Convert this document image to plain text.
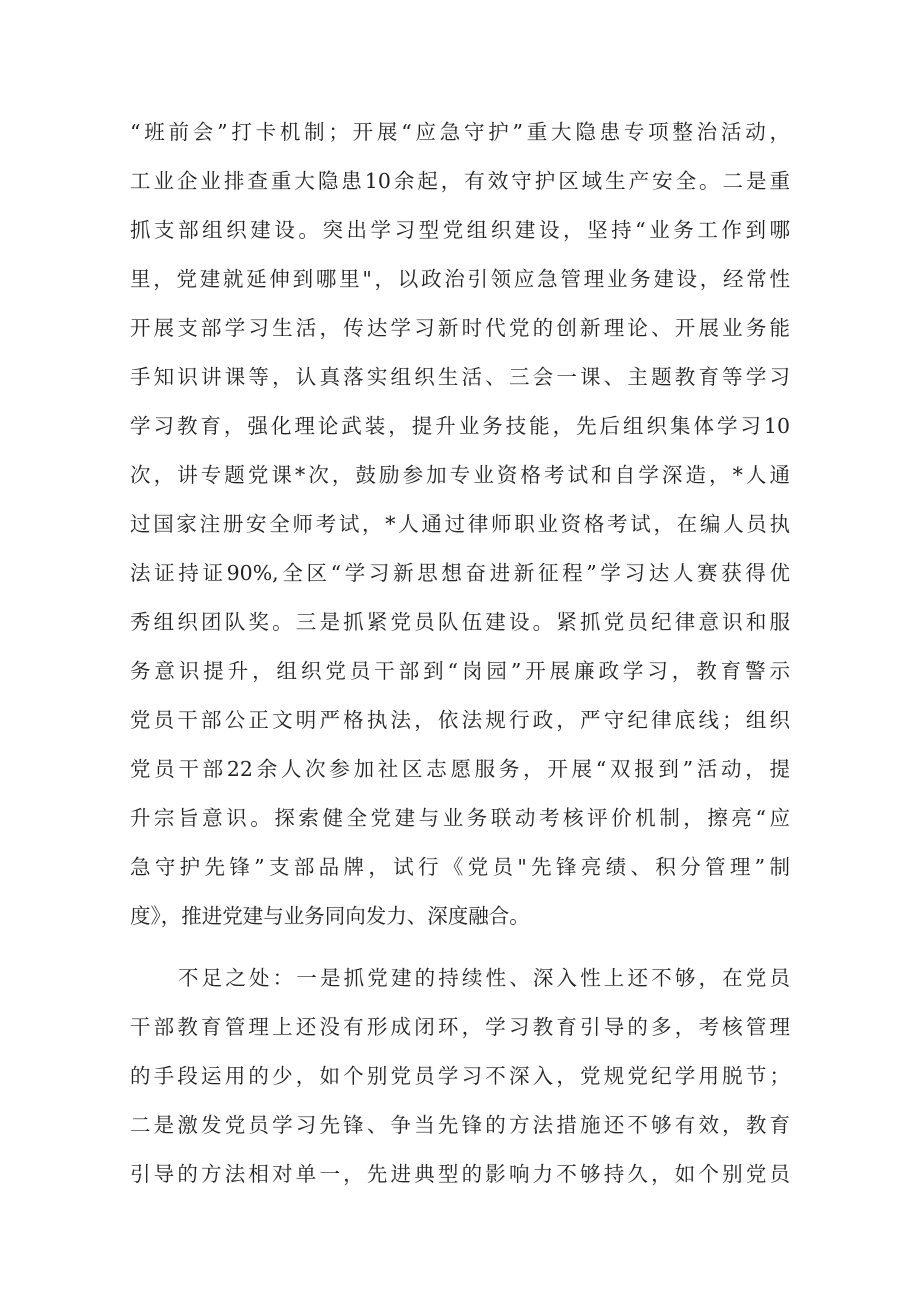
“班前会”打卡机制；开展“应急守护”重大隐患专项整治活动，
工业企业排查重大隐患10余起，有效守护区域生产安全。二是重
抓支部组织建设。突出学习型党组织建设，坚持“业务工作到哪
里，党建就延伸到哪里"，以政治引领应急管理业务建设，经常性
开展支部学习生活，传达学习新时代党的创新理论、开展业务能
手知识讲课等，认真落实组织生活、三会一课、主题教育等学习
学习教育，强化理论武装，提升业务技能，先后组织集体学习10
次，讲专题党课*次，鼓励参加专业资格考试和自学深造，*人通
过国家注册安全师考试，*人通过律师职业资格考试，在编人员执
法证持证90%,全区“学习新思想奋进新征程”学习达人赛获得优
秀组织团队奖。三是抓紧党员队伍建设。紧抓党员纪律意识和服
务意识提升，组织党员干部到“岗园”开展廉政学习，教育警示
党员干部公正文明严格执法，依法规行政，严守纪律底线；组织
党员干部22余人次参加社区志愿服务，开展“双报到”活动，提
升宗旨意识。探索健全党建与业务联动考核评价机制，擦亮“应
急守护先锋”支部品牌，试行《党员"先锋亮绩、积分管理”制
度》，推进党建与业务同向发力、深度融合。
不足之处：一是抓党建的持续性、深入性上还不够，在党员
干部教育管理上还没有形成闭环，学习教育引导的多，考核管理
的手段运用的少，如个别党员学习不深入，党规党纪学用脱节；
二是激发党员学习先锋、争当先锋的方法措施还不够有效，教育
引导的方法相对单一，先进典型的影响力不够持久，如个别党员
